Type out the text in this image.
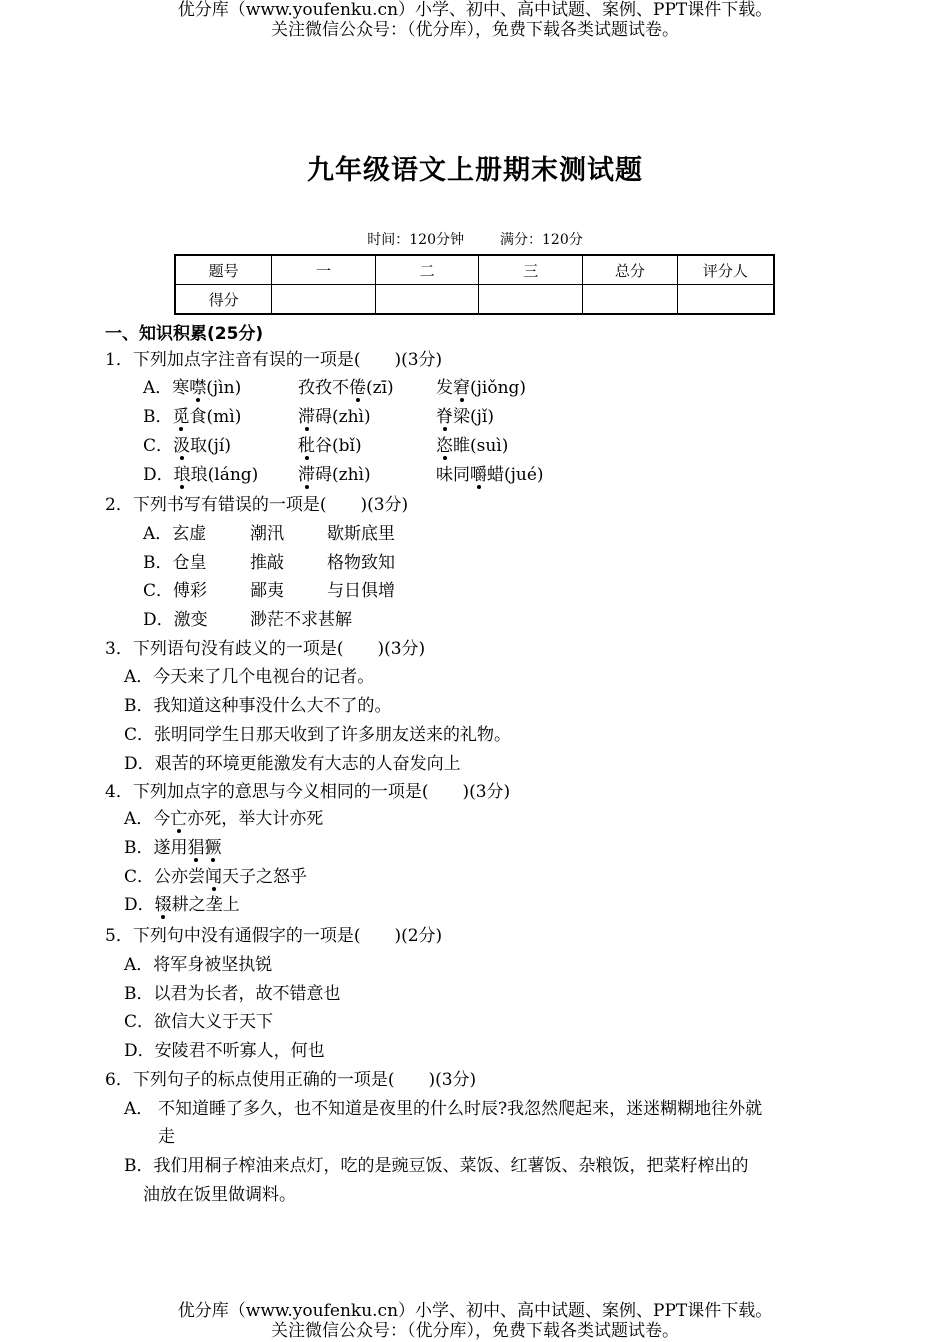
优分库（www.youfenku.cn）小学、初中、高中试题、案例、PPT课件下载。
关注微信公众号：（优分库），免费下载各类试题试卷。
九年级语文上册期末测试题
时间：120分钟	满分：120分
题号	一	二	三	总分	评分人
得分					
一、知识积累(25分)
1．下列加点字注音有误的一项是(　　)(3分)
A．寒噤(jìn)	孜孜不倦(zī) 发窘(jiǒng)
B．觅食(mì)	滞碍(zhì)	脊梁(jǐ)
C．汲取(jí)	秕谷(bǐ)	恣睢(suì)
D．琅琅(láng) 滞碍(zhì)	味同嚼蜡(jué)
2．下列书写有错误的一项是(　　)(3分)
A．玄虚	潮汛	歇斯底里
B．仓皇	推敲	格物致知
C．傅彩	鄙夷	与日俱增
D．激变 渺茫不求甚解
3．下列语句没有歧义的一项是(　　)(3分)
A．今天来了几个电视台的记者。
B．我知道这种事没什么大不了的。
C．张明同学生日那天收到了许多朋友送来的礼物。
D．艰苦的环境更能激发有大志的人奋发向上
4．下列加点字的意思与今义相同的一项是(　　)(3分)
A．今亡亦死，举大计亦死
B．遂用猖獗
C．公亦尝闻天子之怒乎
D．辍耕之垄上
5．下列句中没有通假字的一项是(　　)(2分)
A．将军身被坚执锐
B．以君为长者，故不错意也
C．欲信大义于天下
D．安陵君不听寡人，何也
6．下列句子的标点使用正确的一项是(　　)(3分)
A． 不知道睡了多久，也不知道是夜里的什么时辰?我忽然爬起来，迷迷糊糊地往外就
走
B．我们用桐子榨油来点灯，吃的是豌豆饭、菜饭、红薯饭、杂粮饭，把菜籽榨出的
油放在饭里做调料。
优分库（www.youfenku.cn）小学、初中、高中试题、案例、PPT课件下载。
关注微信公众号：（优分库），免费下载各类试题试卷。
